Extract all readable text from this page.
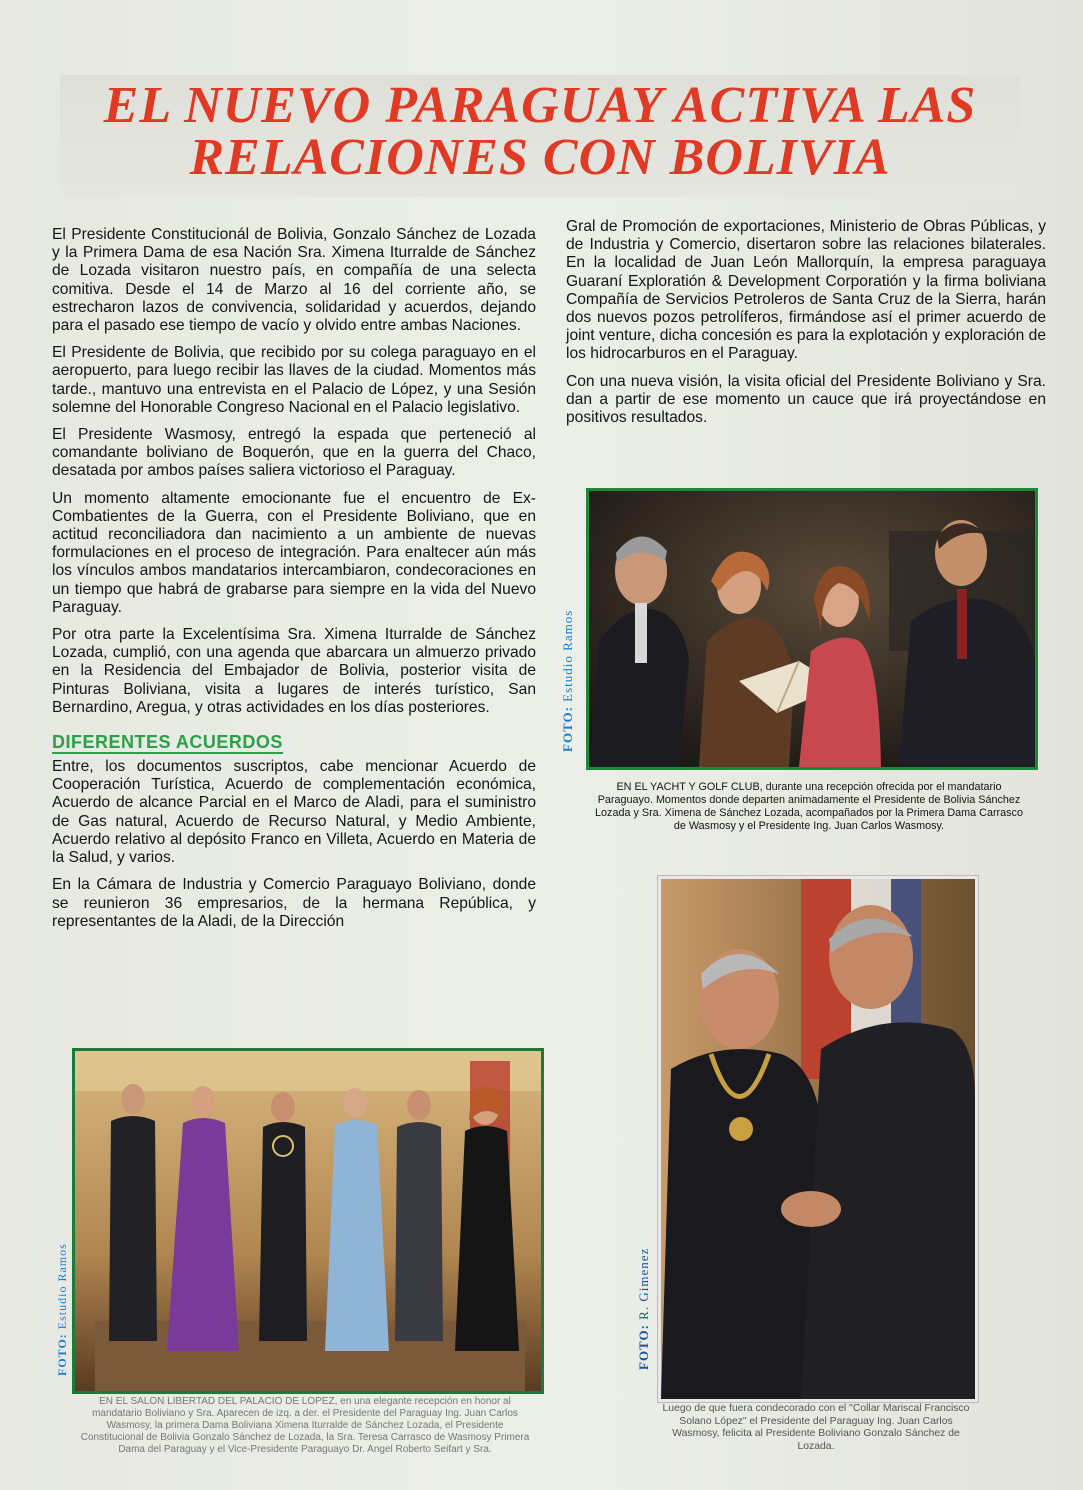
EL NUEVO PARAGUAY ACTIVA LAS RELACIONES CON BOLIVIA

El Presidente Constitucionál de Bolivia, Gonzalo Sánchez de Lozada y la Primera Dama de esa Nación Sra. Ximena Iturralde de Sánchez de Lozada visitaron nuestro país, en compañía de una selecta comitiva. Desde el 14 de Marzo al 16 del corriente año, se estrecharon lazos de convivencia, solidaridad y acuerdos, dejando para el pasado ese tiempo de vacío y olvido entre ambas Naciones.

El Presidente de Bolivia, que recibido por su colega paraguayo en el aeropuerto, para luego recibir las llaves de la ciudad. Momentos más tarde., mantuvo una entrevista en el Palacio de López, y una Sesión solemne del Honorable Congreso Nacional en el Palacio legislativo.

El Presidente Wasmosy, entregó la espada que perteneció al comandante boliviano de Boquerón, que en la guerra del Chaco, desatada por ambos países saliera victorioso el Paraguay.

Un momento altamente emocionante fue el encuentro de Ex-Combatientes de la Guerra, con el Presidente Boliviano, que en actitud reconciliadora dan nacimiento a un ambiente de nuevas formulaciones en el proceso de integración. Para enaltecer aún más los vínculos ambos mandatarios intercambiaron, condecoraciones en un tiempo que habrá de grabarse para siempre en la vida del Nuevo Paraguay.

Por otra parte la Excelentísima Sra. Ximena Iturralde de Sánchez Lozada, cumplió, con una agenda que abarcara un almuerzo privado en la Residencia del Embajador de Bolivia, posterior visita de Pinturas Boliviana, visita a lugares de interés turístico, San Bernardino, Aregua, y otras actividades en los días posteriores.

DIFERENTES ACUERDOS

Entre, los documentos suscriptos, cabe mencionar Acuerdo de Cooperación Turística, Acuerdo de complementación económica, Acuerdo de alcance Parcial en el Marco de Aladi, para el suministro de Gas natural, Acuerdo de Recurso Natural, y Medio Ambiente, Acuerdo relativo al depósito Franco en Villeta, Acuerdo en Materia de la Salud, y varios.

En la Cámara de Industria y Comercio Paraguayo Boliviano, donde se reunieron 36 empresarios, de la hermana República, y representantes de la Aladi, de la Dirección

Gral de Promoción de exportaciones, Ministerio de Obras Públicas, y de Industria y Comercio, disertaron sobre las relaciones bilaterales. En la localidad de Juan León Mallorquín, la empresa paraguaya Guaraní Exploratión & Development Corporatión y la firma boliviana Compañía de Servicios Petroleros de Santa Cruz de la Sierra, harán dos nuevos pozos petrolíferos, firmándose así el primer acuerdo de joint venture, dicha concesión es para la explotación y exploración de los hidrocarburos en el Paraguay.

Con una nueva visión, la visita oficial del Presidente Boliviano y Sra. dan a partir de ese momento un cauce que irá proyectándose en positivos resultados.

FOTO: Estudio Ramos
EN EL YACHT Y GOLF CLUB, durante una recepción ofrecida por el mandatario Paraguayo. Momentos donde departen animadamente el Presidente de Bolivia Sánchez Lozada y Sra. Ximena de Sánchez Lozada, acompañados por la Primera Dama Carrasco de Wasmosy y el Presidente Ing. Juan Carlos Wasmosy.
FOTO: Estudio Ramos
EN EL SALON LIBERTAD DEL PALACIO DE LOPEZ, en una elegante recepción en honor al mandatario Boliviano y Sra. Aparecen de izq. a der. el Presidente del Paraguay Ing. Juan Carlos Wasmosy, la primera Dama Boliviana Ximena Iturralde de Sánchez Lozada, el Presidente Constitucional de Bolivia Gonzalo Sánchez de Lozada, la Sra. Teresa Carrasco de Wasmosy Primera Dama del Paraguay y el Vice-Presidente Paraguayo Dr. Angel Roberto Seifart y Sra.
FOTO: R. Gimenez
Luego de que fuera condecorado con el "Collar Mariscal Francisco Solano López" el Presidente del Paraguay Ing. Juan Carlos Wasmosy, felicita al Presidente Boliviano Gonzalo Sánchez de Lozada.
